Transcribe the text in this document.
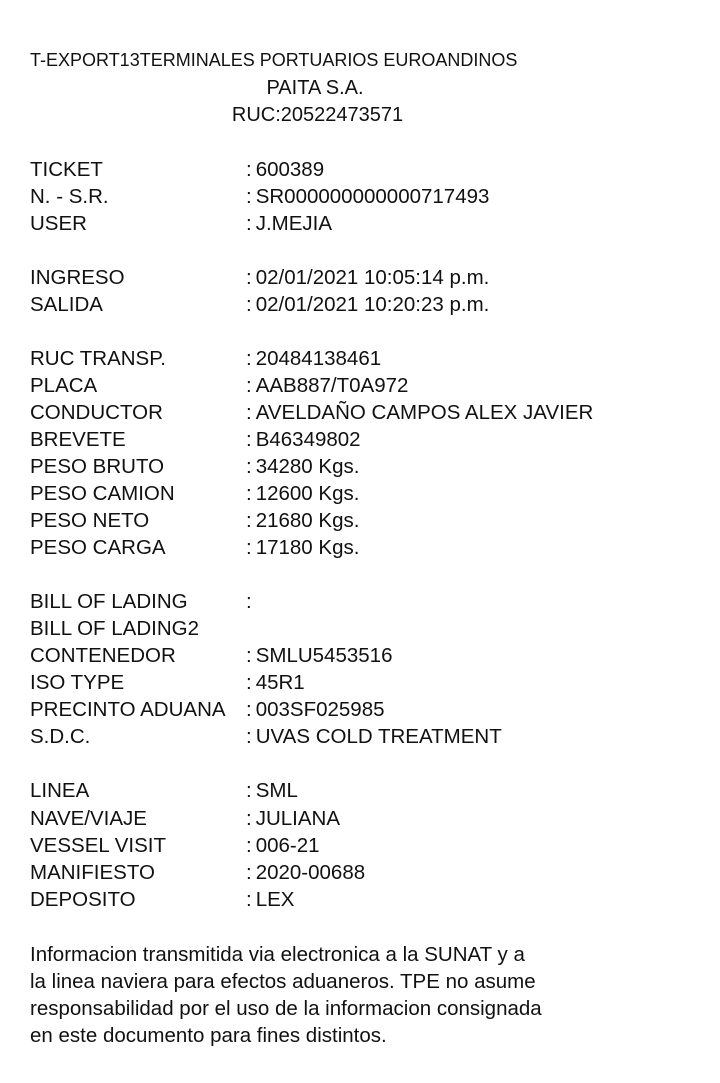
T-EXPORT13TERMINALES PORTUARIOS EUROANDINOS
PAITA S.A.
RUC:20522473571
TICKET	: 600389
N. - S.R.	: SR000000000000717493
USER	: J.MEJIA
INGRESO	: 02/01/2021 10:05:14 p.m.
SALIDA	: 02/01/2021 10:20:23 p.m.
RUC TRANSP.	: 20484138461
PLACA	: AAB887/T0A972
CONDUCTOR	: AVELDAÑO CAMPOS ALEX JAVIER
BREVETE	: B46349802
PESO BRUTO	: 34280 Kgs.
PESO CAMION	: 12600 Kgs.
PESO NETO	: 21680 Kgs.
PESO CARGA	: 17180 Kgs.
BILL OF LADING	:
BILL OF LADING2
CONTENEDOR	: SMLU5453516
ISO TYPE	: 45R1
PRECINTO ADUANA : 003SF025985
S.D.C.	: UVAS COLD TREATMENT
LINEA	: SML
NAVE/VIAJE	: JULIANA
VESSEL VISIT	: 006-21
MANIFIESTO	: 2020-00688
DEPOSITO	: LEX
Informacion transmitida via electronica a la SUNAT y a
la linea naviera para efectos aduaneros. TPE no asume
responsabilidad por el uso de la informacion consignada
en este documento para fines distintos.
